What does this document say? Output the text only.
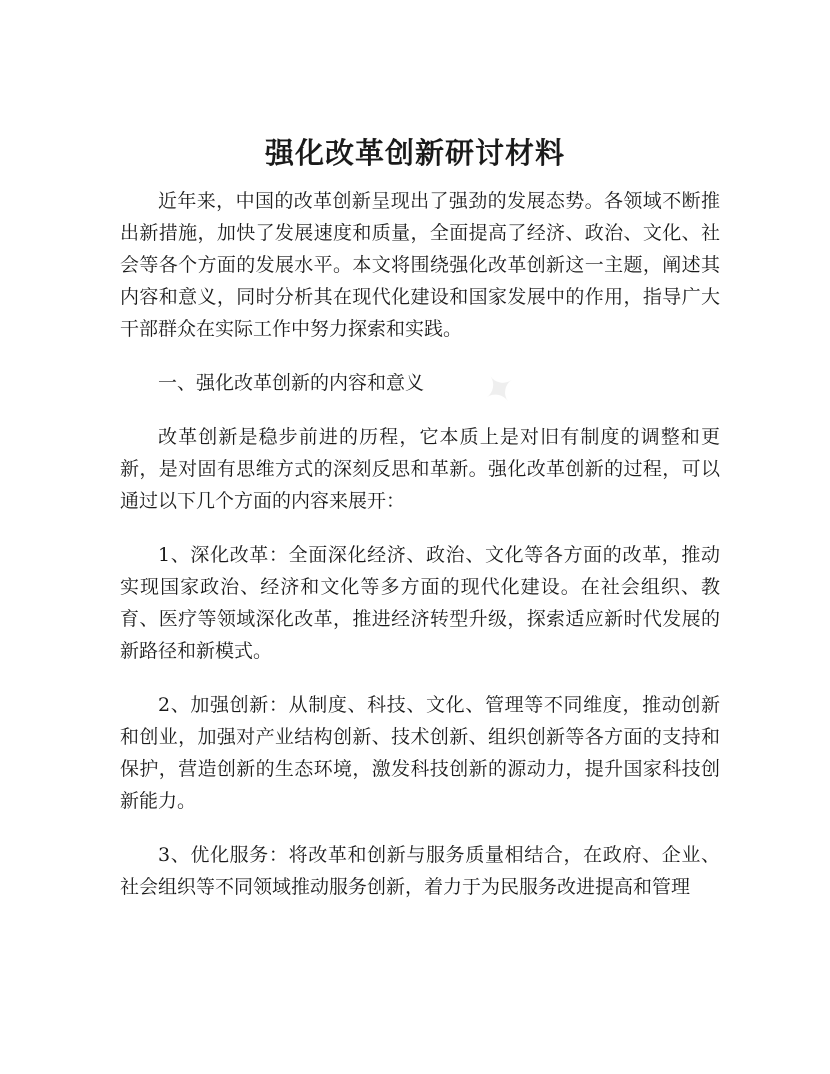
✦
强化改革创新研讨材料

近年来，中国的改革创新呈现出了强劲的发展态势。各领域不断推出新措施，加快了发展速度和质量，全面提高了经济、政治、文化、社会等各个方面的发展水平。本文将围绕强化改革创新这一主题，阐述其内容和意义，同时分析其在现代化建设和国家发展中的作用，指导广大干部群众在实际工作中努力探索和实践。

一、强化改革创新的内容和意义

改革创新是稳步前进的历程，它本质上是对旧有制度的调整和更新，是对固有思维方式的深刻反思和革新。强化改革创新的过程，可以通过以下几个方面的内容来展开：

1、深化改革：全面深化经济、政治、文化等各方面的改革，推动实现国家政治、经济和文化等多方面的现代化建设。在社会组织、教育、医疗等领域深化改革，推进经济转型升级，探索适应新时代发展的新路径和新模式。

2、加强创新：从制度、科技、文化、管理等不同维度，推动创新和创业，加强对产业结构创新、技术创新、组织创新等各方面的支持和保护，营造创新的生态环境，激发科技创新的源动力，提升国家科技创新能力。

3、优化服务：将改革和创新与服务质量相结合，在政府、企业、社会组织等不同领域推动服务创新，着力于为民服务改进提高和管理
